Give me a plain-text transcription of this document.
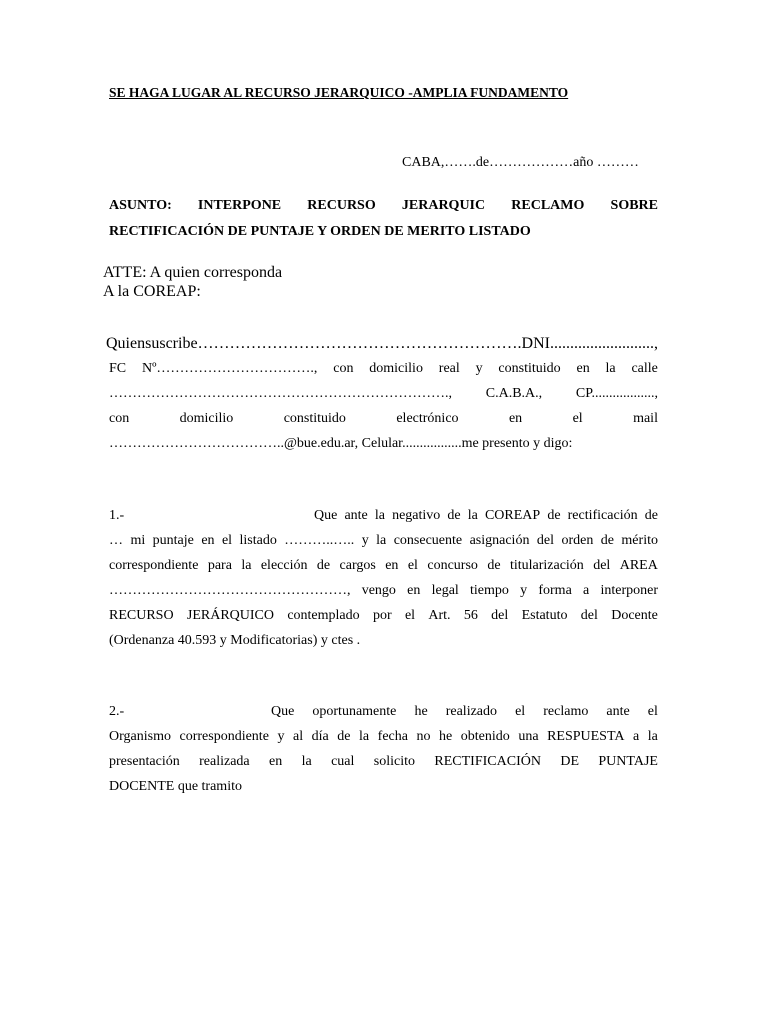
SE HAGA LUGAR AL RECURSO JERARQUICO -AMPLIA FUNDAMENTO
CABA,…….de………………año ………
ASUNTO: INTERPONE RECURSO JERARQUIC RECLAMO SOBRE
RECTIFICACIÓN DE PUNTAJE Y ORDEN DE MERITO LISTADO
ATTE: A quien corresponda
A la COREAP:
Quien suscribe …………………………………………………….DNI..........................,
FC Nº……………………………., con domicilio real y constituido en la calle
………………………………………………………………., C.A.B.A., CP..................,
con	domicilio	constituido	electrónico	en	el	mail
………………………………..@bue.edu.ar, Celular.................me presento y digo:
1.-	Que ante la negativo de la COREAP de rectificación de
… mi puntaje en el listado ………..….. y la consecuente asignación del orden de mérito
correspondiente para la elección de cargos en el concurso de titularización del AREA
……………………………………………, vengo en legal tiempo y forma a interponer
RECURSO JERÁRQUICO contemplado por el Art. 56 del Estatuto del Docente
(Ordenanza 40.593 y Modificatorias) y ctes .
2.-	Que oportunamente he realizado el reclamo ante el
Organismo correspondiente y al día de la fecha no he obtenido una RESPUESTA a la
presentación realizada en la cual solicito RECTIFICACIÓN DE PUNTAJE
DOCENTE que tramito
